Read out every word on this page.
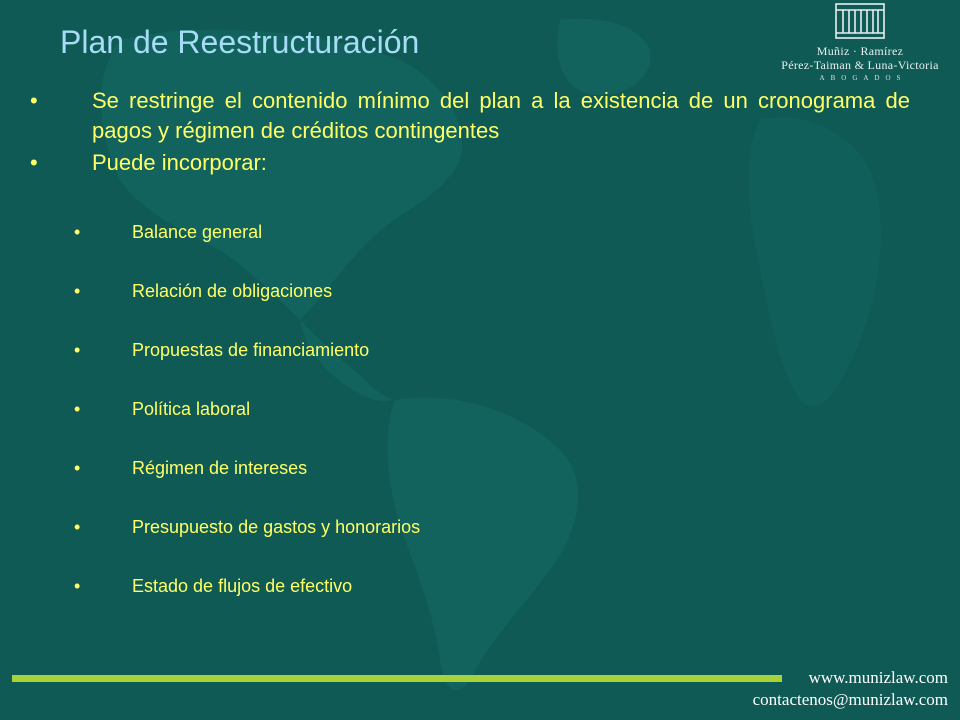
Plan de Reestructuración	Muñiz · Ramírez
Pérez-Taiman & Luna-Victoria
ABOGADOS
• Se restringe el contenido mínimo del plan a la existencia de un cronograma de pagos y régimen de créditos contingentes
• Puede incorporar:
•	Balance general
•	Relación de obligaciones
•	Propuestas de financiamiento
•	Política laboral
•	Régimen de intereses
•	Presupuesto de gastos y honorarios
•	Estado de flujos de efectivo
www.munizlaw.com
contactenos@munizlaw.com
